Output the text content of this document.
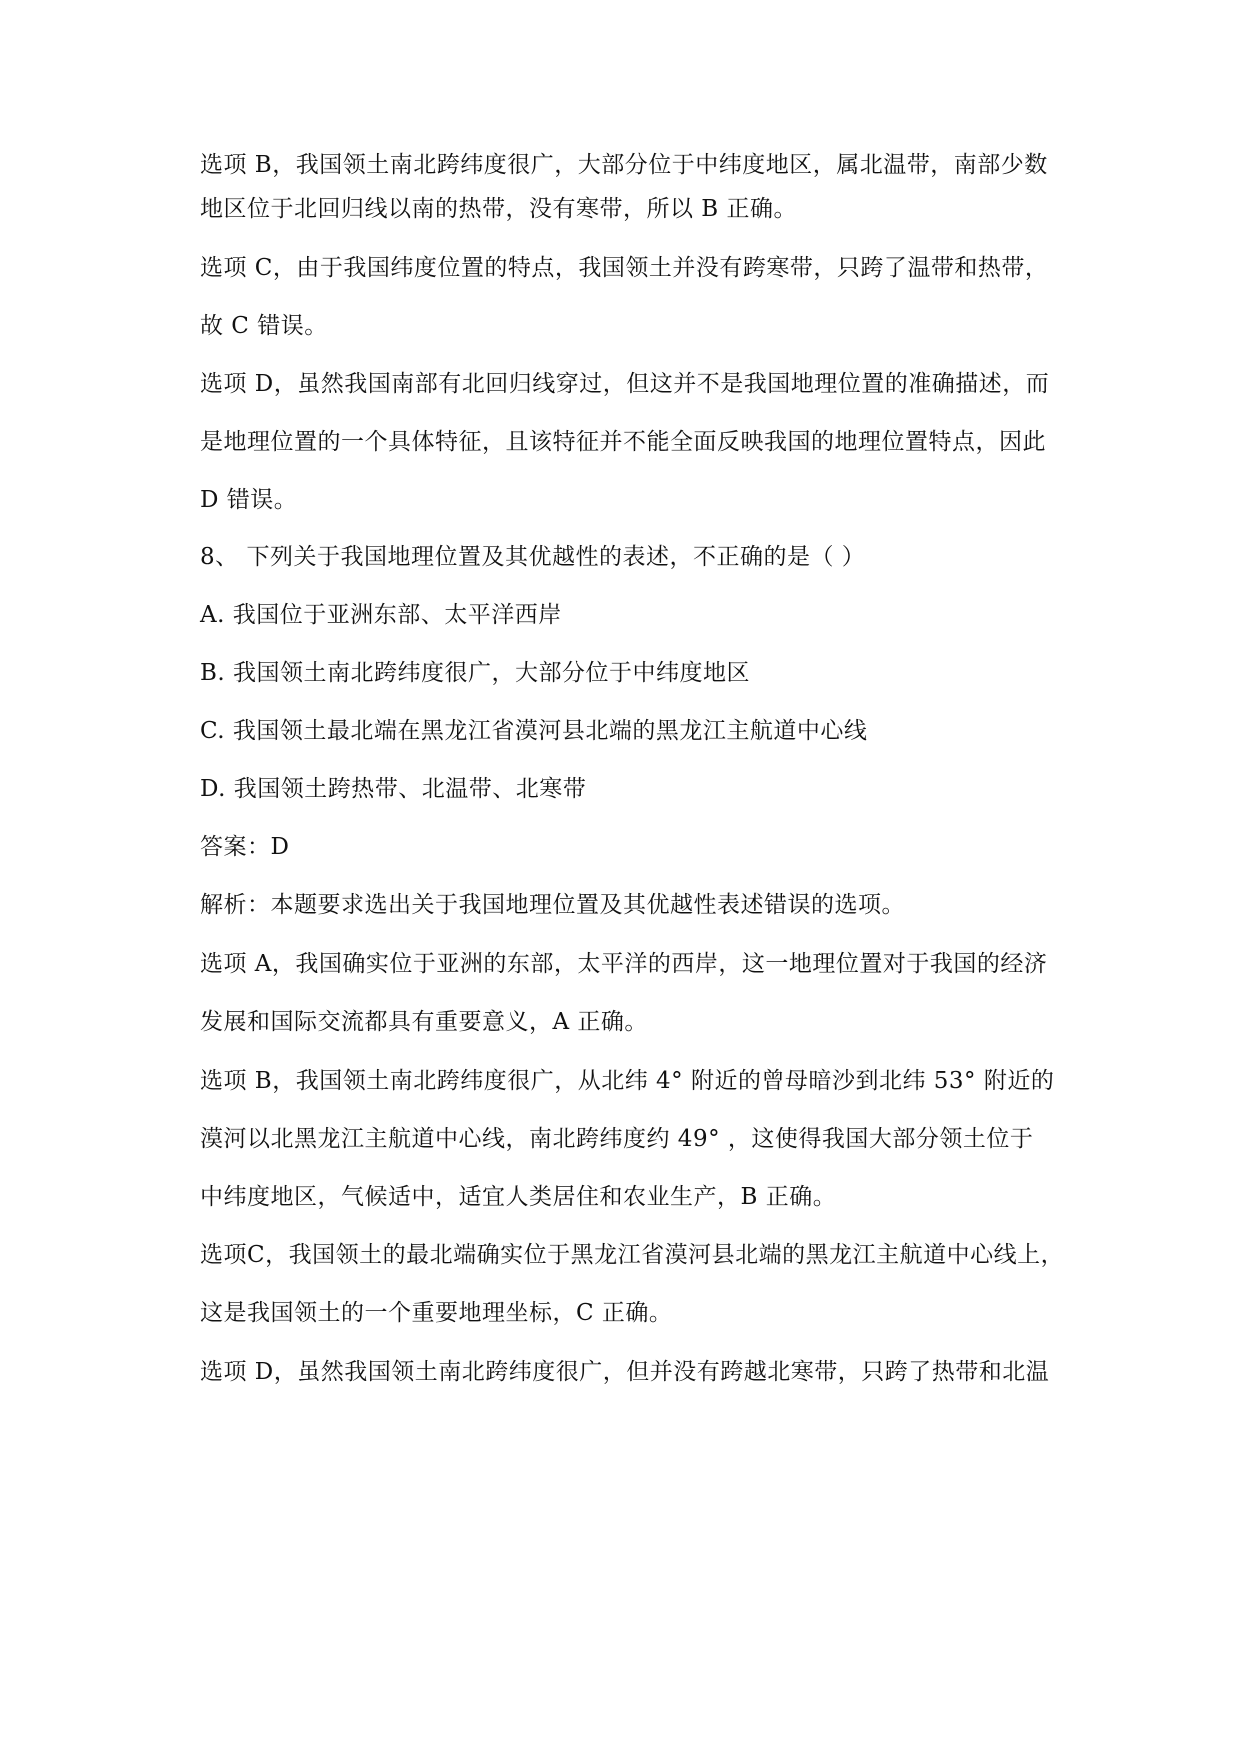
选项 B，我国领土南北跨纬度很广，大部分位于中纬度地区，属北温带，南部少数
地区位于北回归线以南的热带，没有寒带，所以 B 正确。
选项 C，由于我国纬度位置的特点，我国领土并没有跨寒带，只跨了温带和热带，
故 C 错误。
选项 D，虽然我国南部有北回归线穿过，但这并不是我国地理位置的准确描述，而
是地理位置的一个具体特征，且该特征并不能全面反映我国的地理位置特点，因此
D 错误。
8、 下列关于我国地理位置及其优越性的表述，不正确的是（ ）
A. 我国位于亚洲东部、太平洋西岸
B. 我国领土南北跨纬度很广，大部分位于中纬度地区
C. 我国领土最北端在黑龙江省漠河县北端的黑龙江主航道中心线
D. 我国领土跨热带、北温带、北寒带
答案：D
解析：本题要求选出关于我国地理位置及其优越性表述错误的选项。
选项 A，我国确实位于亚洲的东部，太平洋的西岸，这一地理位置对于我国的经济
发展和国际交流都具有重要意义，A 正确。
选项 B，我国领土南北跨纬度很广，从北纬 4° 附近的曾母暗沙到北纬 53° 附近的
漠河以北黑龙江主航道中心线，南北跨纬度约 49° ，这使得我国大部分领土位于
中纬度地区，气候适中，适宜人类居住和农业生产，B 正确。
选项C，我国领土的最北端确实位于黑龙江省漠河县北端的黑龙江主航道中心线上，
这是我国领土的一个重要地理坐标，C 正确。
选项 D，虽然我国领土南北跨纬度很广，但并没有跨越北寒带，只跨了热带和北温
